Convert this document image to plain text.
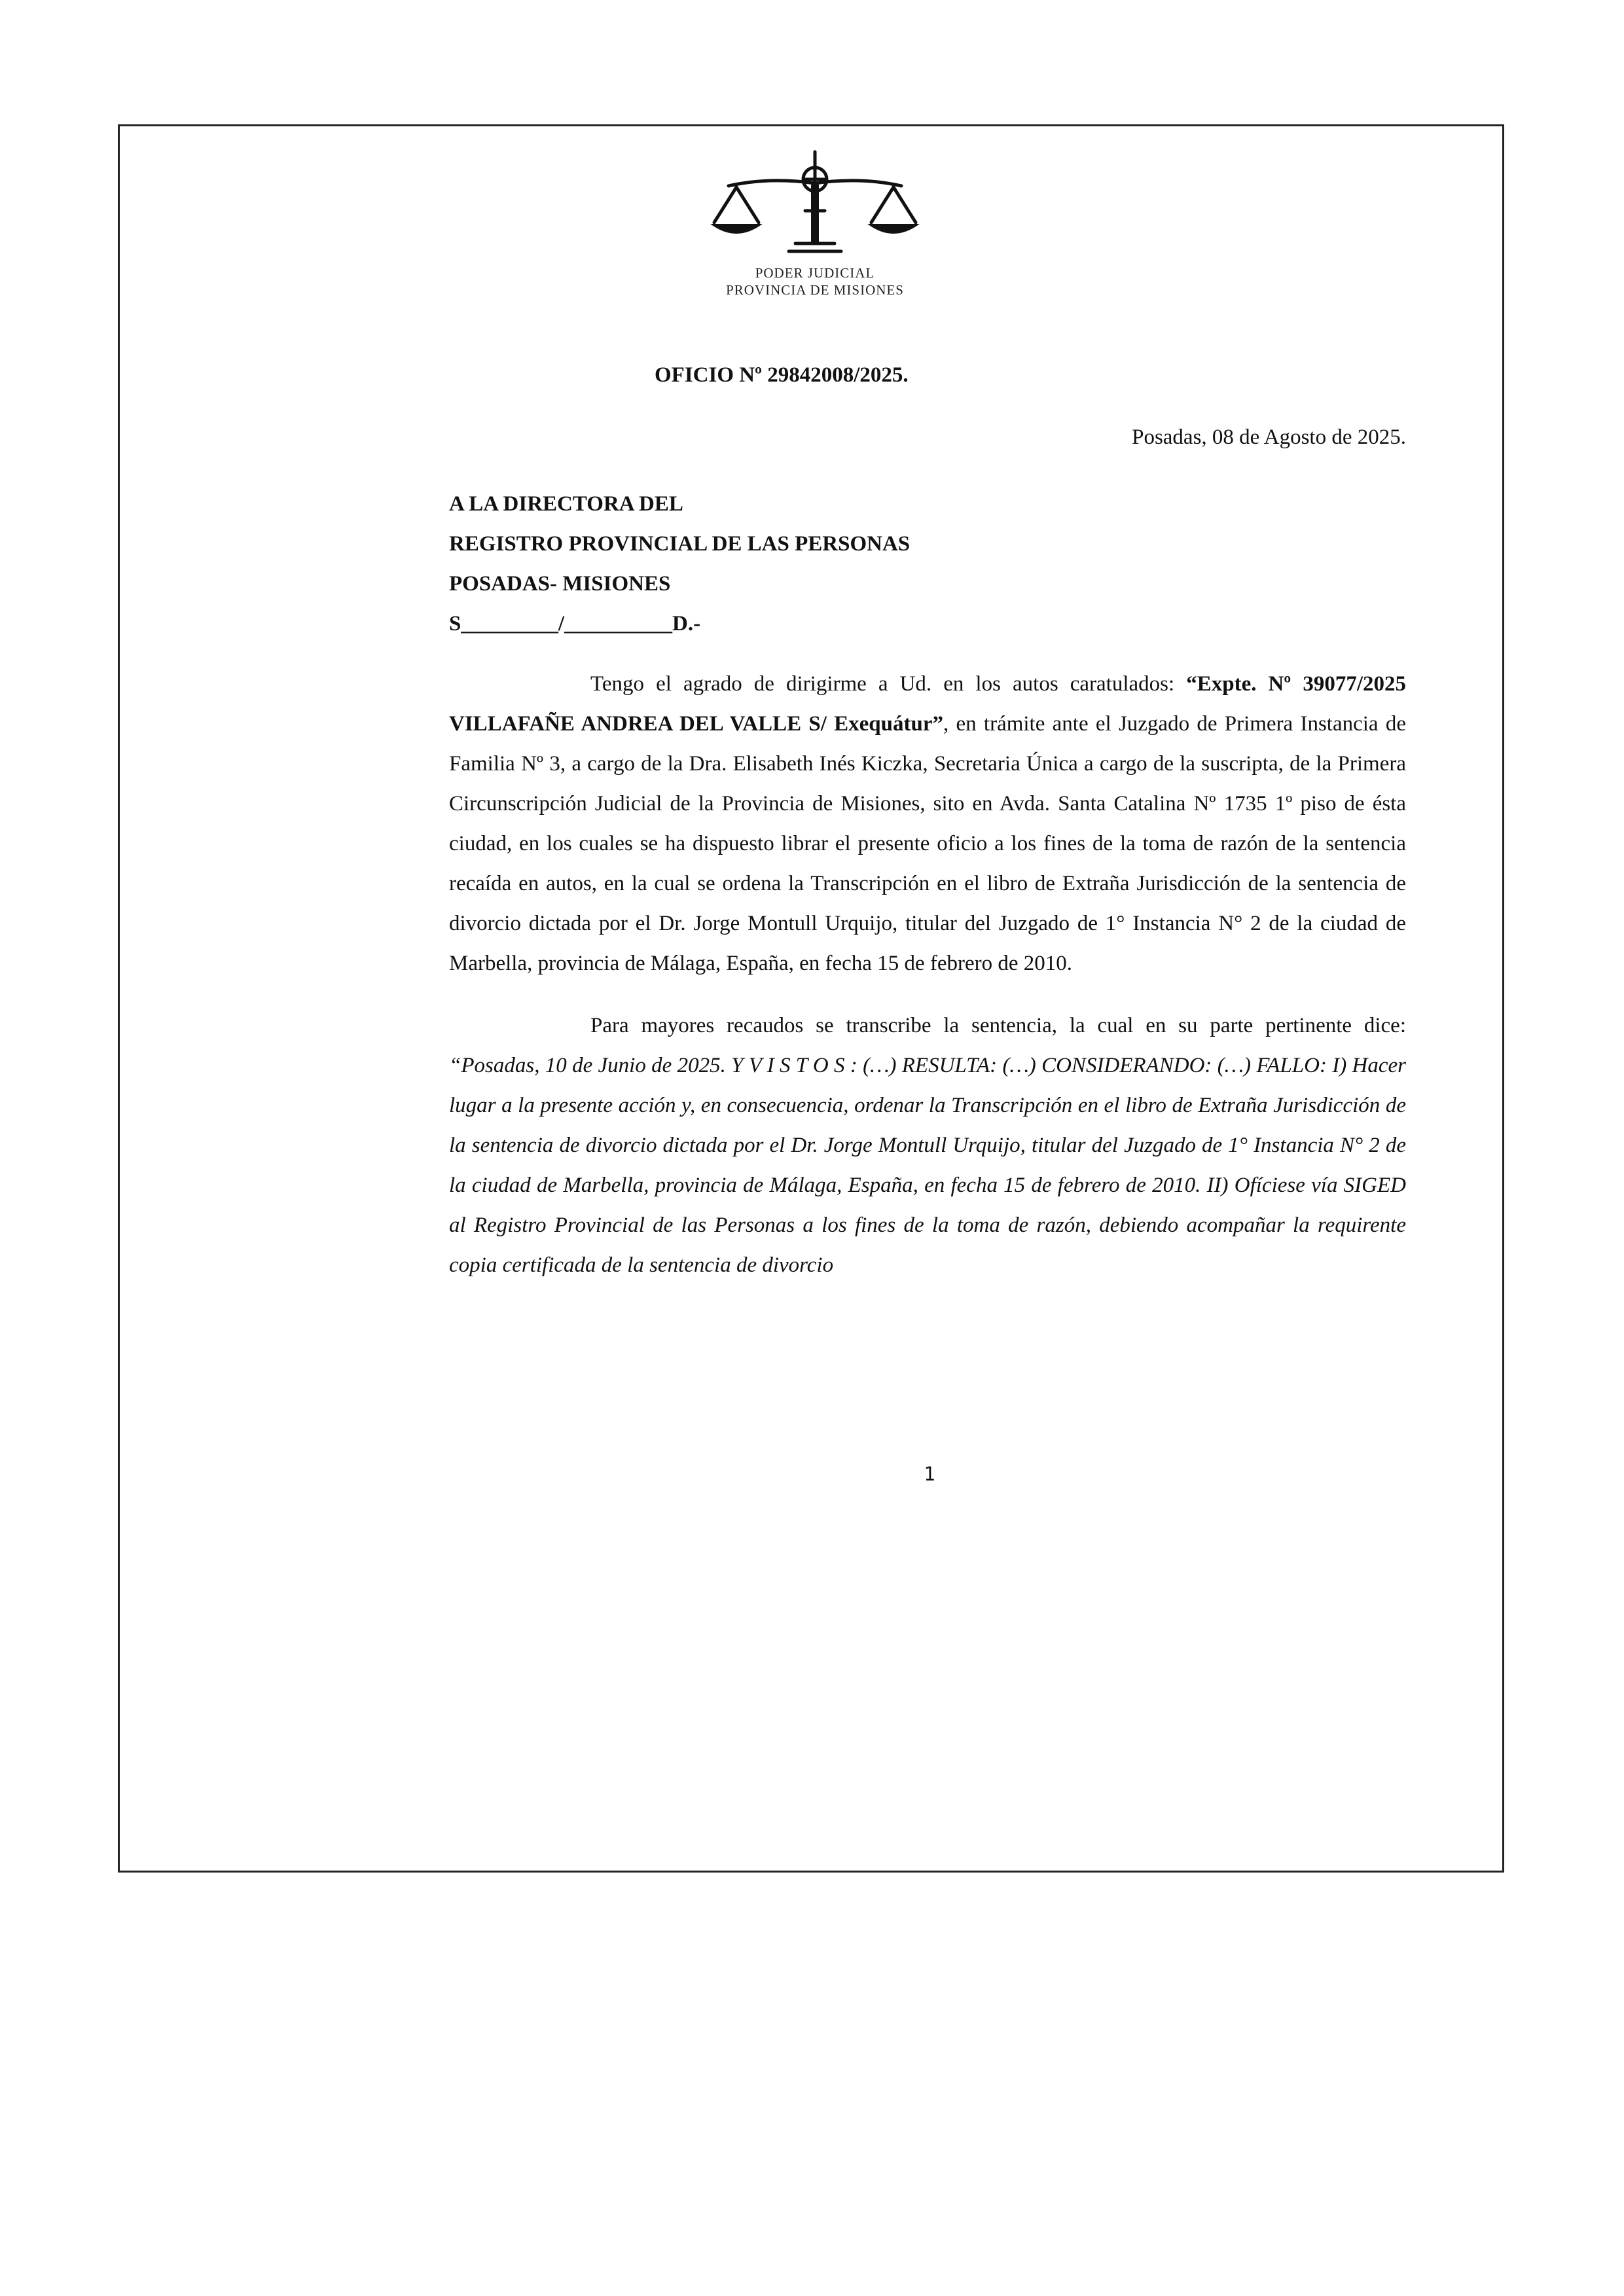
PODER JUDICIAL
PROVINCIA DE MISIONES
OFICIO Nº 29842008/2025.
Posadas, 08 de Agosto de 2025.
A LA DIRECTORA DEL
REGISTRO PROVINCIAL DE LAS PERSONAS
POSADAS- MISIONES
S_________/__________D.-

Tengo el agrado de dirigirme a Ud. en los autos caratulados: “Expte. Nº 39077/2025 VILLAFAÑE ANDREA DEL VALLE S/ Exequátur”, en trámite ante el Juzgado de Primera Instancia de Familia Nº 3, a cargo de la Dra. Elisabeth Inés Kiczka, Secretaria Única a cargo de la suscripta, de la Primera Circunscripción Judicial de la Provincia de Misiones, sito en Avda. Santa Catalina Nº 1735 1º piso de ésta ciudad, en los cuales se ha dispuesto librar el presente oficio a los fines de la toma de razón de la sentencia recaída en autos, en la cual se ordena la Transcripción en el libro de Extraña Jurisdicción de la sentencia de divorcio dictada por el Dr. Jorge Montull Urquijo, titular del Juzgado de 1° Instancia N° 2 de la ciudad de Marbella, provincia de Málaga, España, en fecha 15 de febrero de 2010.

Para mayores recaudos se transcribe la sentencia, la cual en su parte pertinente dice: “Posadas, 10 de Junio de 2025. Y V I S T O S : (…) RESULTA: (…) CONSIDERANDO: (…) FALLO: I) Hacer lugar a la presente acción y, en consecuencia, ordenar la Transcripción en el libro de Extraña Jurisdicción de la sentencia de divorcio dictada por el Dr. Jorge Montull Urquijo, titular del Juzgado de 1° Instancia N° 2 de la ciudad de Marbella, provincia de Málaga, España, en fecha 15 de febrero de 2010. II) Ofíciese vía SIGED al Registro Provincial de las Personas a los fines de la toma de razón, debiendo acompañar la requirente copia certificada de la sentencia de divorcio

1
